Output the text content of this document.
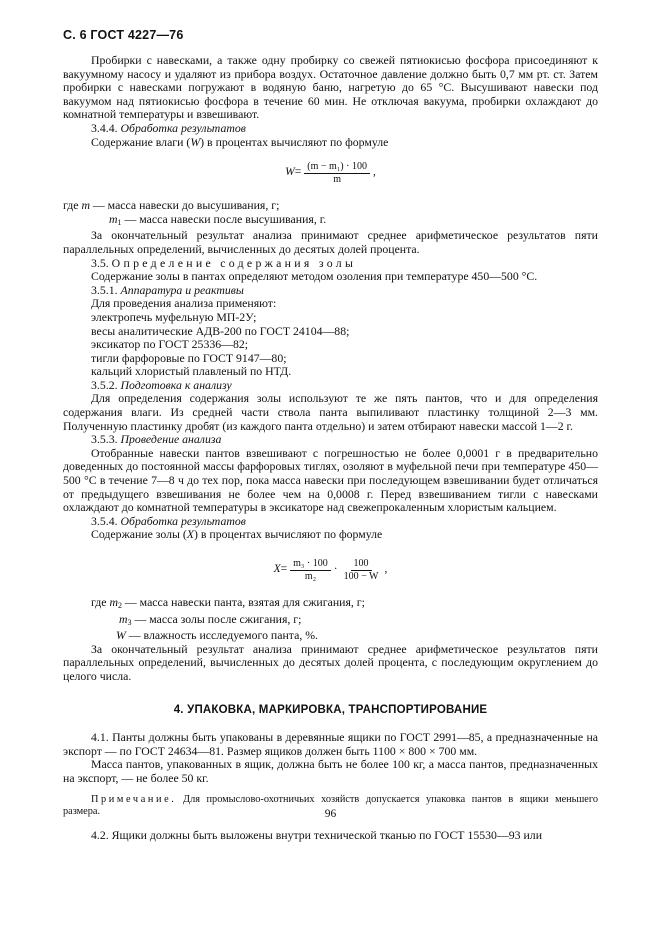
С. 6 ГОСТ 4227—76

Пробирки с навесками, а также одну пробирку со свежей пятиокисью фосфора присоединяют к вакуумному насосу и удаляют из прибора воздух. Остаточное давление должно быть 0,7 мм рт. ст. Затем пробирки с навесками погружают в водяную баню, нагретую до 65 °С. Высушивают навески под вакуумом над пятиокисью фосфора в течение 60 мин. Не отключая вакуума, пробирки охлаждают до комнатной температуры и взвешивают.

3.4.4. Обработка результатов

Содержание влаги (W) в процентах вычисляют по формуле

$W = \frac{\text{(m − m₁) · 100}}{m}$ ,

где m — масса навески до высушивания, г;

$m_1$ — масса навески после высушивания, г.

За окончательный результат анализа принимают среднее арифметическое результатов пяти параллельных определений, вычисленных до десятых долей процента.

3.5. Определение содержания золы

Содержание золы в пантах определяют методом озоления при температуре 450—500 °С.

3.5.1. Аппаратура и реактивы

Для проведения анализа применяют:

электропечь муфельную МП-2У;

весы аналитические АДВ-200 по ГОСТ 24104—88;

эксикатор по ГОСТ 25336—82;

тигли фарфоровые по ГОСТ 9147—80;

кальций хлористый плавленый по НТД.

3.5.2. Подготовка к анализу

Для определения содержания золы используют те же пять пантов, что и для определения содержания влаги. Из средней части ствола панта выпиливают пластинку толщиной 2—3 мм. Полученную пластинку дробят (из каждого панта отдельно) и затем отбирают навески массой 1—2 г.

3.5.3. Проведение анализа

Отобранные навески пантов взвешивают с погрешностью не более 0,0001 г в предварительно доведенных до постоянной массы фарфоровых тиглях, озоляют в муфельной печи при температуре 450—500 °С в течение 7—8 ч до тех пор, пока масса навески при последующем взвешивании будет отличаться от предыдущего взвешивания не более чем на 0,0008 г. Перед взвешиванием тигли с навесками охлаждают до комнатной температуры в эксикаторе над свежепрокаленным хлористым кальцием.

3.5.4. Обработка результатов

Содержание золы (X) в процентах вычисляют по формуле

$X = \frac{\text{m₃ · 100}}{\text{m₂}} \cdot \frac{100}{100 - W}$ ,

где $m_2$ — масса навески панта, взятая для сжигания, г;

$m_3$ — масса золы после сжигания, г;

W — влажность исследуемого панта, %.

За окончательный результат анализа принимают среднее арифметическое результатов пяти параллельных определений, вычисленных до десятых долей процента, с последующим округлением до целого числа.

4. УПАКОВКА, МАРКИРОВКА, ТРАНСПОРТИРОВАНИЕ

4.1. Панты должны быть упакованы в деревянные ящики по ГОСТ 2991—85, а предназначенные на экспорт — по ГОСТ 24634—81. Размер ящиков должен быть 1100 × 800 × 700 мм.

Масса пантов, упакованных в ящик, должна быть не более 100 кг, а масса пантов, предназначенных на экспорт, — не более 50 кг.

Примечание. Для промыслово-охотничьих хозяйств допускается упаковка пантов в ящики меньшего размера.

4.2. Ящики должны быть выложены внутри технической тканью по ГОСТ 15530—93 или

96
